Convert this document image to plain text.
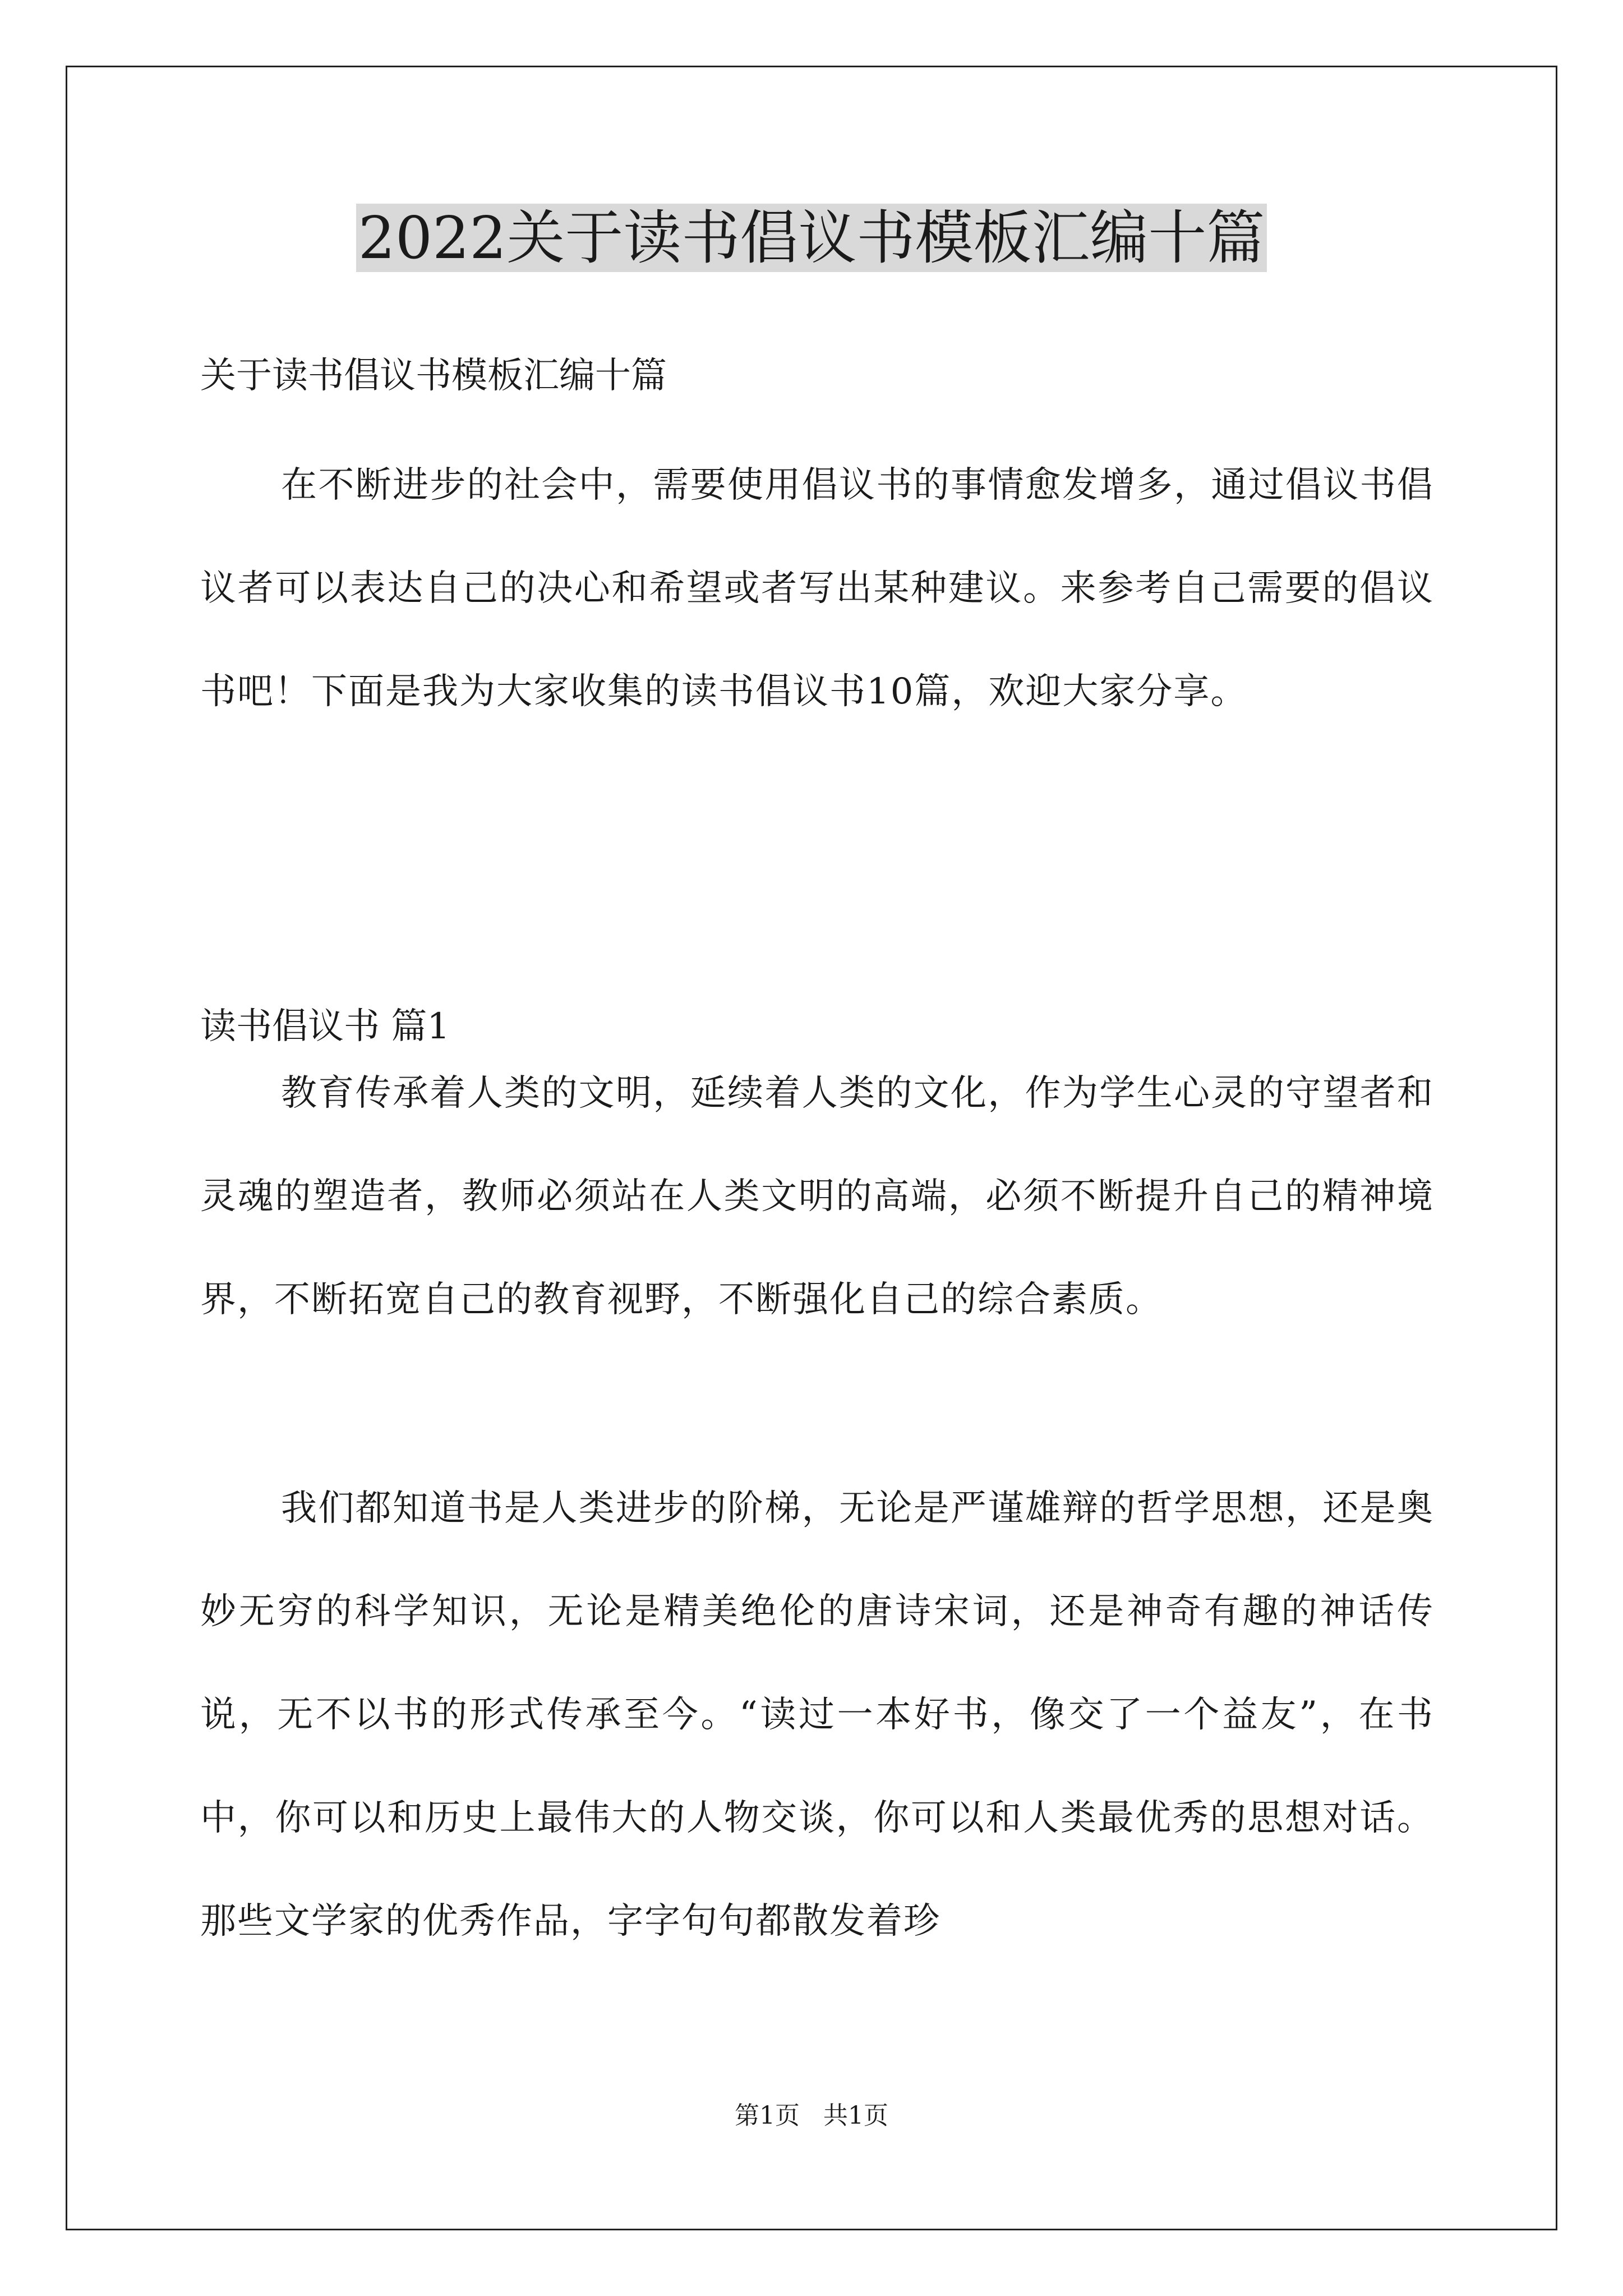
2022关于读书倡议书模板汇编十篇

关于读书倡议书模板汇编十篇

在不断进步的社会中，需要使用倡议书的事情愈发增多，通过倡议书倡议者可以表达自己的决心和希望或者写出某种建议。来参考自己需要的倡议书吧！下面是我为大家收集的读书倡议书10篇，欢迎大家分享。

读书倡议书 篇1

教育传承着人类的文明，延续着人类的文化，作为学生心灵的守望者和灵魂的塑造者，教师必须站在人类文明的高端，必须不断提升自己的精神境界，不断拓宽自己的教育视野，不断强化自己的综合素质。

我们都知道书是人类进步的阶梯，无论是严谨雄辩的哲学思想，还是奥妙无穷的科学知识，无论是精美绝伦的唐诗宋词，还是神奇有趣的神话传说，无不以书的形式传承至今。“读过一本好书，像交了一个益友”，在书中，你可以和历史上最伟大的人物交谈，你可以和人类最优秀的思想对话。那些文学家的优秀作品，字字句句都散发着珍

第1页   共1页
